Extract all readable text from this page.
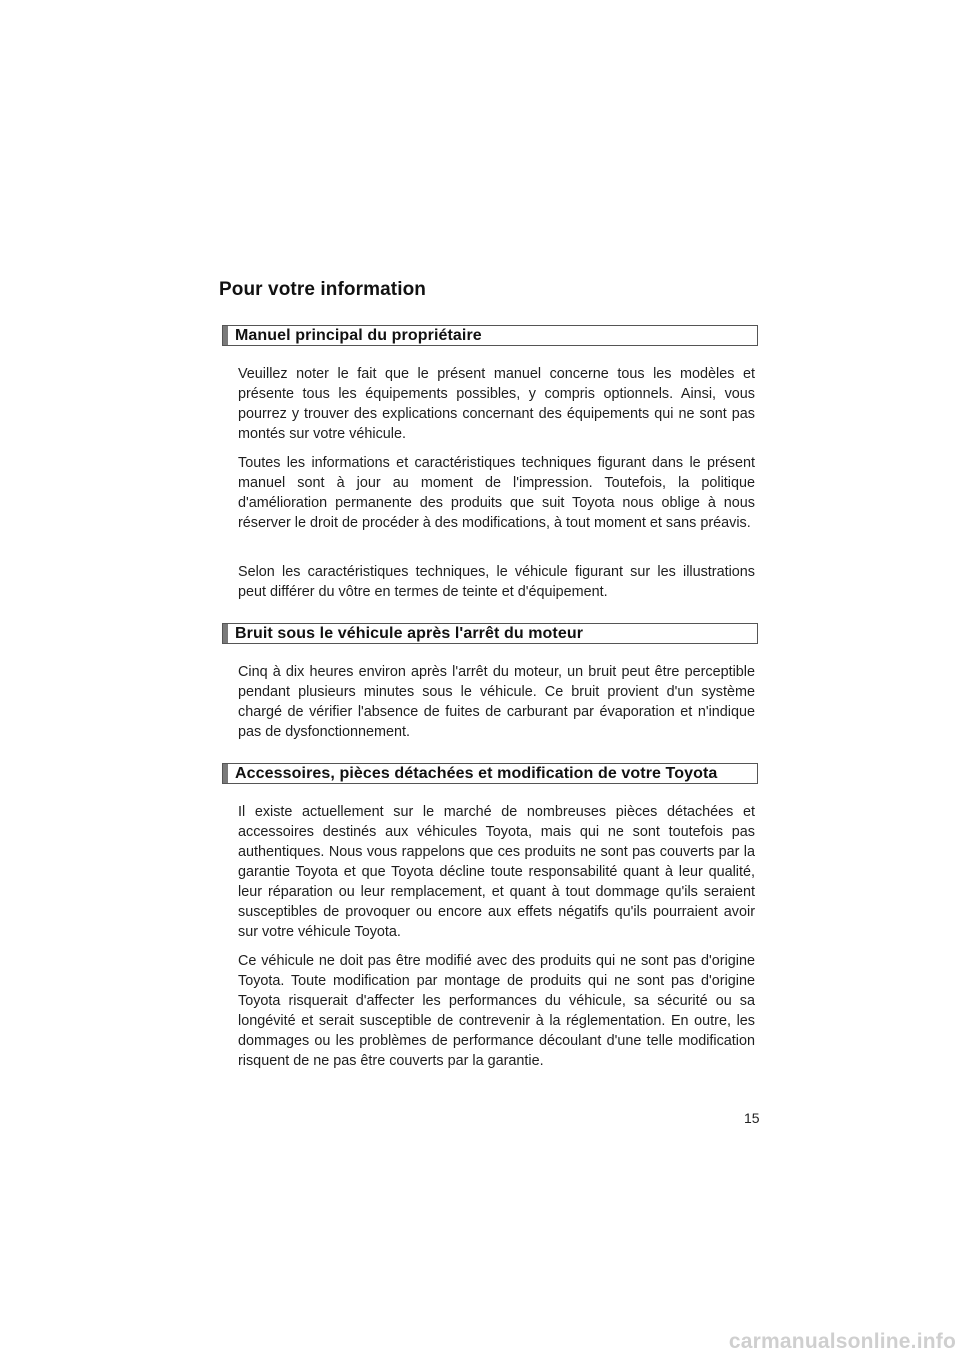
Pour votre information
Manuel principal du propriétaire

Veuillez noter le fait que le présent manuel concerne tous les modèles et présente tous les équipements possibles, y compris optionnels. Ainsi, vous pourrez y trouver des explications concernant des équipements qui ne sont pas montés sur votre véhicule.

Toutes les informations et caractéristiques techniques figurant dans le présent manuel sont à jour au moment de l'impression. Toutefois, la politique d'amélioration permanente des produits que suit Toyota nous oblige à nous réserver le droit de procéder à des modifications, à tout moment et sans préavis.

Selon les caractéristiques techniques, le véhicule figurant sur les illustrations peut différer du vôtre en termes de teinte et d'équipement.

Bruit sous le véhicule après l'arrêt du moteur

Cinq à dix heures environ après l'arrêt du moteur, un bruit peut être perceptible pendant plusieurs minutes sous le véhicule. Ce bruit provient d'un système chargé de vérifier l'absence de fuites de carburant par évaporation et n'indique pas de dysfonctionnement.

Accessoires, pièces détachées et modification de votre Toyota

Il existe actuellement sur le marché de nombreuses pièces détachées et accessoires destinés aux véhicules Toyota, mais qui ne sont toutefois pas authentiques. Nous vous rappelons que ces produits ne sont pas couverts par la garantie Toyota et que Toyota décline toute responsabilité quant à leur qualité, leur réparation ou leur remplacement, et quant à tout dommage qu'ils seraient susceptibles de provoquer ou encore aux effets négatifs qu'ils pourraient avoir sur votre véhicule Toyota.

Ce véhicule ne doit pas être modifié avec des produits qui ne sont pas d'origine Toyota. Toute modification par montage de produits qui ne sont pas d'origine Toyota risquerait d'affecter les performances du véhicule, sa sécurité ou sa longévité et serait susceptible de contrevenir à la réglementation. En outre, les dommages ou les problèmes de performance découlant d'une telle modification risquent de ne pas être couverts par la garantie.

15
carmanualsonline.info
